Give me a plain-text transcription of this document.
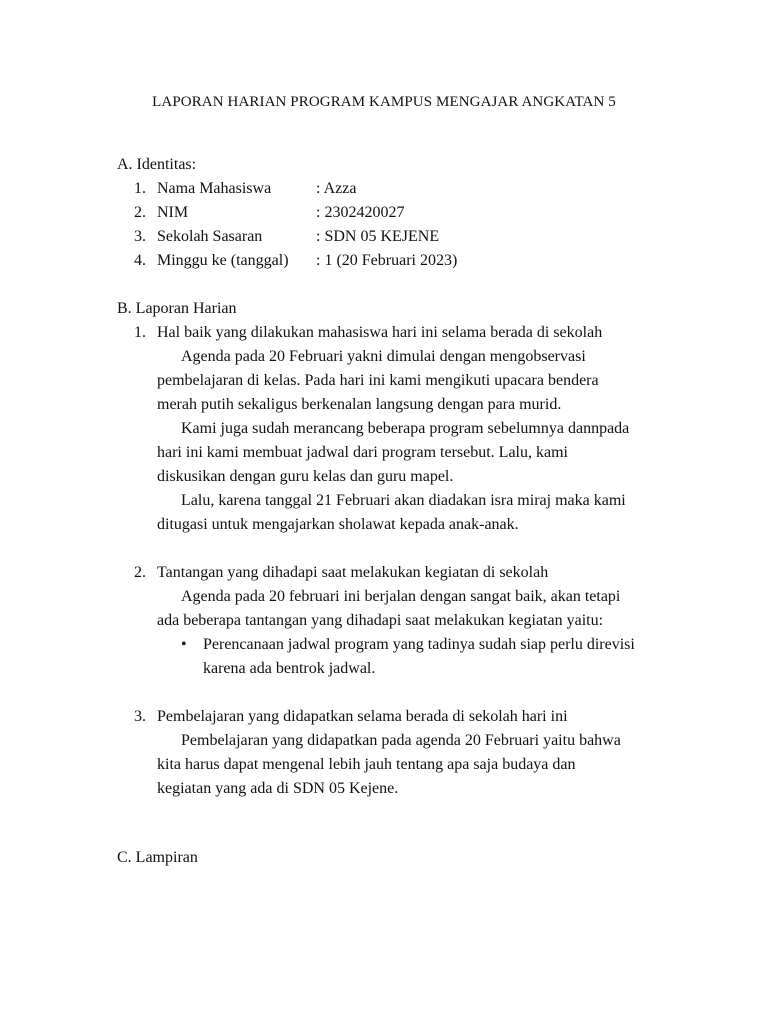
LAPORAN HARIAN PROGRAM KAMPUS MENGAJAR ANGKATAN 5
A. Identitas:
1. Nama Mahasiswa	: Azza
2. NIM	: 2302420027
3. Sekolah Sasaran	: SDN 05 KEJENE
4. Minggu ke (tanggal) : 1 (20 Februari 2023)
B. Laporan Harian
1. Hal baik yang dilakukan mahasiswa hari ini selama berada di sekolah
Agenda pada 20 Februari yakni dimulai dengan mengobservasi
pembelajaran di kelas. Pada hari ini kami mengikuti upacara bendera
merah putih sekaligus berkenalan langsung dengan para murid.
Kami juga sudah merancang beberapa program sebelumnya dannpada
hari ini kami membuat jadwal dari program tersebut. Lalu, kami
diskusikan dengan guru kelas dan guru mapel.
Lalu, karena tanggal 21 Februari akan diadakan isra miraj maka kami
ditugasi untuk mengajarkan sholawat kepada anak-anak.
2. Tantangan yang dihadapi saat melakukan kegiatan di sekolah
Agenda pada 20 februari ini berjalan dengan sangat baik, akan tetapi
ada beberapa tantangan yang dihadapi saat melakukan kegiatan yaitu:
• Perencanaan jadwal program yang tadinya sudah siap perlu direvisi
karena ada bentrok jadwal.
3. Pembelajaran yang didapatkan selama berada di sekolah hari ini
Pembelajaran yang didapatkan pada agenda 20 Februari yaitu bahwa
kita harus dapat mengenal lebih jauh tentang apa saja budaya dan
kegiatan yang ada di SDN 05 Kejene.
C. Lampiran
